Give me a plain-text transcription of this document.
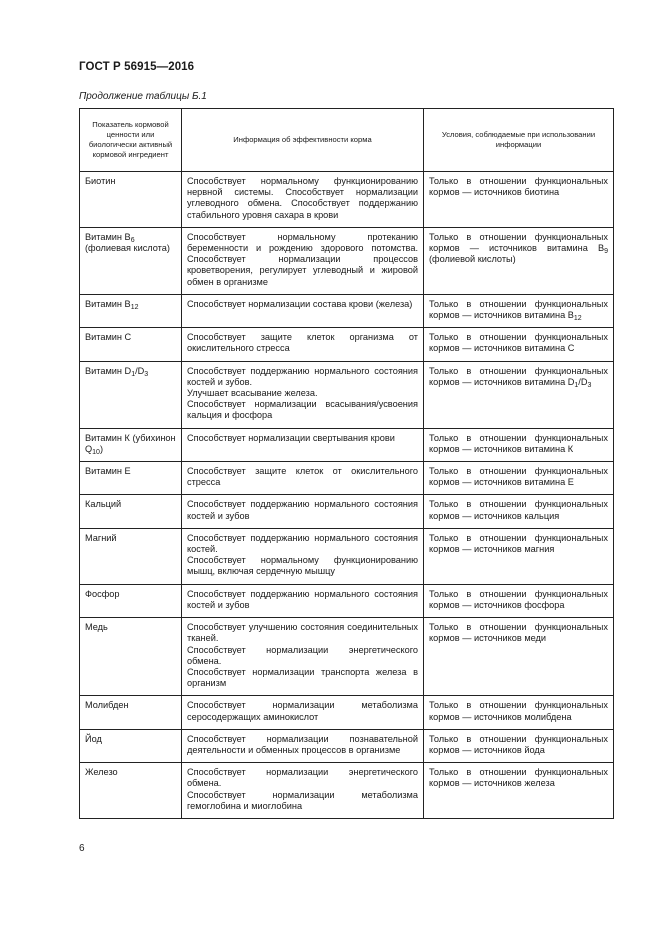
ГОСТ Р 56915—2016
Продолжение таблицы Б.1
Показатель кормовой ценности или биологически активный кормовой ингредиент	Информация об эффективности корма	Условия, соблюдаемые при использовании информации

Биотин	Способствует нормальному функционированию нервной системы. Способствует нормализации углеводного обмена. Способствует поддержанию стабильного уровня сахара в крови	Только в отношении функциональных кормов — источников биотина

Витамин $B_6$ (фолиевая кислота)	Способствует нормальному протеканию беременности и рождению здорового потомства. Способствует нормализации процессов кроветворения, регулирует углеводный и жировой обмен в организме	Только в отношении функциональных кормов — источников витамина $B_9$ (фолиевой кислоты)

Витамин $B_{12}$	Способствует нормализации состава крови (железа)	Только в отношении функциональных кормов — источников витамина $B_{12}$

Витамин С	Способствует защите клеток организма от окислительного стресса	Только в отношении функциональных кормов — источников витамина С

Витамин $D_1/D_3$	Способствует поддержанию нормального состояния костей и зубов.
Улучшает всасывание железа.
Способствует нормализации всасывания/усвоения кальция и фосфора	Только в отношении функциональных кормов — источников витамина $D_1/D_3$

Витамин К (убихинон $Q_{10}$)	Способствует нормализации свертывания крови	Только в отношении функциональных кормов — источников витамина К

Витамин Е	Способствует защите клеток от окислительного стресса	Только в отношении функциональных кормов — источников витамина Е

Кальций	Способствует поддержанию нормального состояния костей и зубов	Только в отношении функциональных кормов — источников кальция

Магний	Способствует поддержанию нормального состояния костей.
Способствует нормальному функционированию мышц, включая сердечную мышцу	Только в отношении функциональных кормов — источников магния

Фосфор	Способствует поддержанию нормального состояния костей и зубов	Только в отношении функциональных кормов — источников фосфора

Медь	Способствует улучшению состояния соединительных тканей.
Способствует нормализации энергетического обмена.
Способствует нормализации транспорта железа в организм	Только в отношении функциональных кормов — источников меди

Молибден	Способствует нормализации метаболизма серосодержащих аминокислот	Только в отношении функциональных кормов — источников молибдена

Йод	Способствует нормализации познавательной деятельности и обменных процессов в организме	Только в отношении функциональных кормов — источников йода

Железо	Способствует нормализации энергетического обмена.
Способствует нормализации метаболизма гемоглобина и миоглобина	Только в отношении функциональных кормов — источников железа
6
